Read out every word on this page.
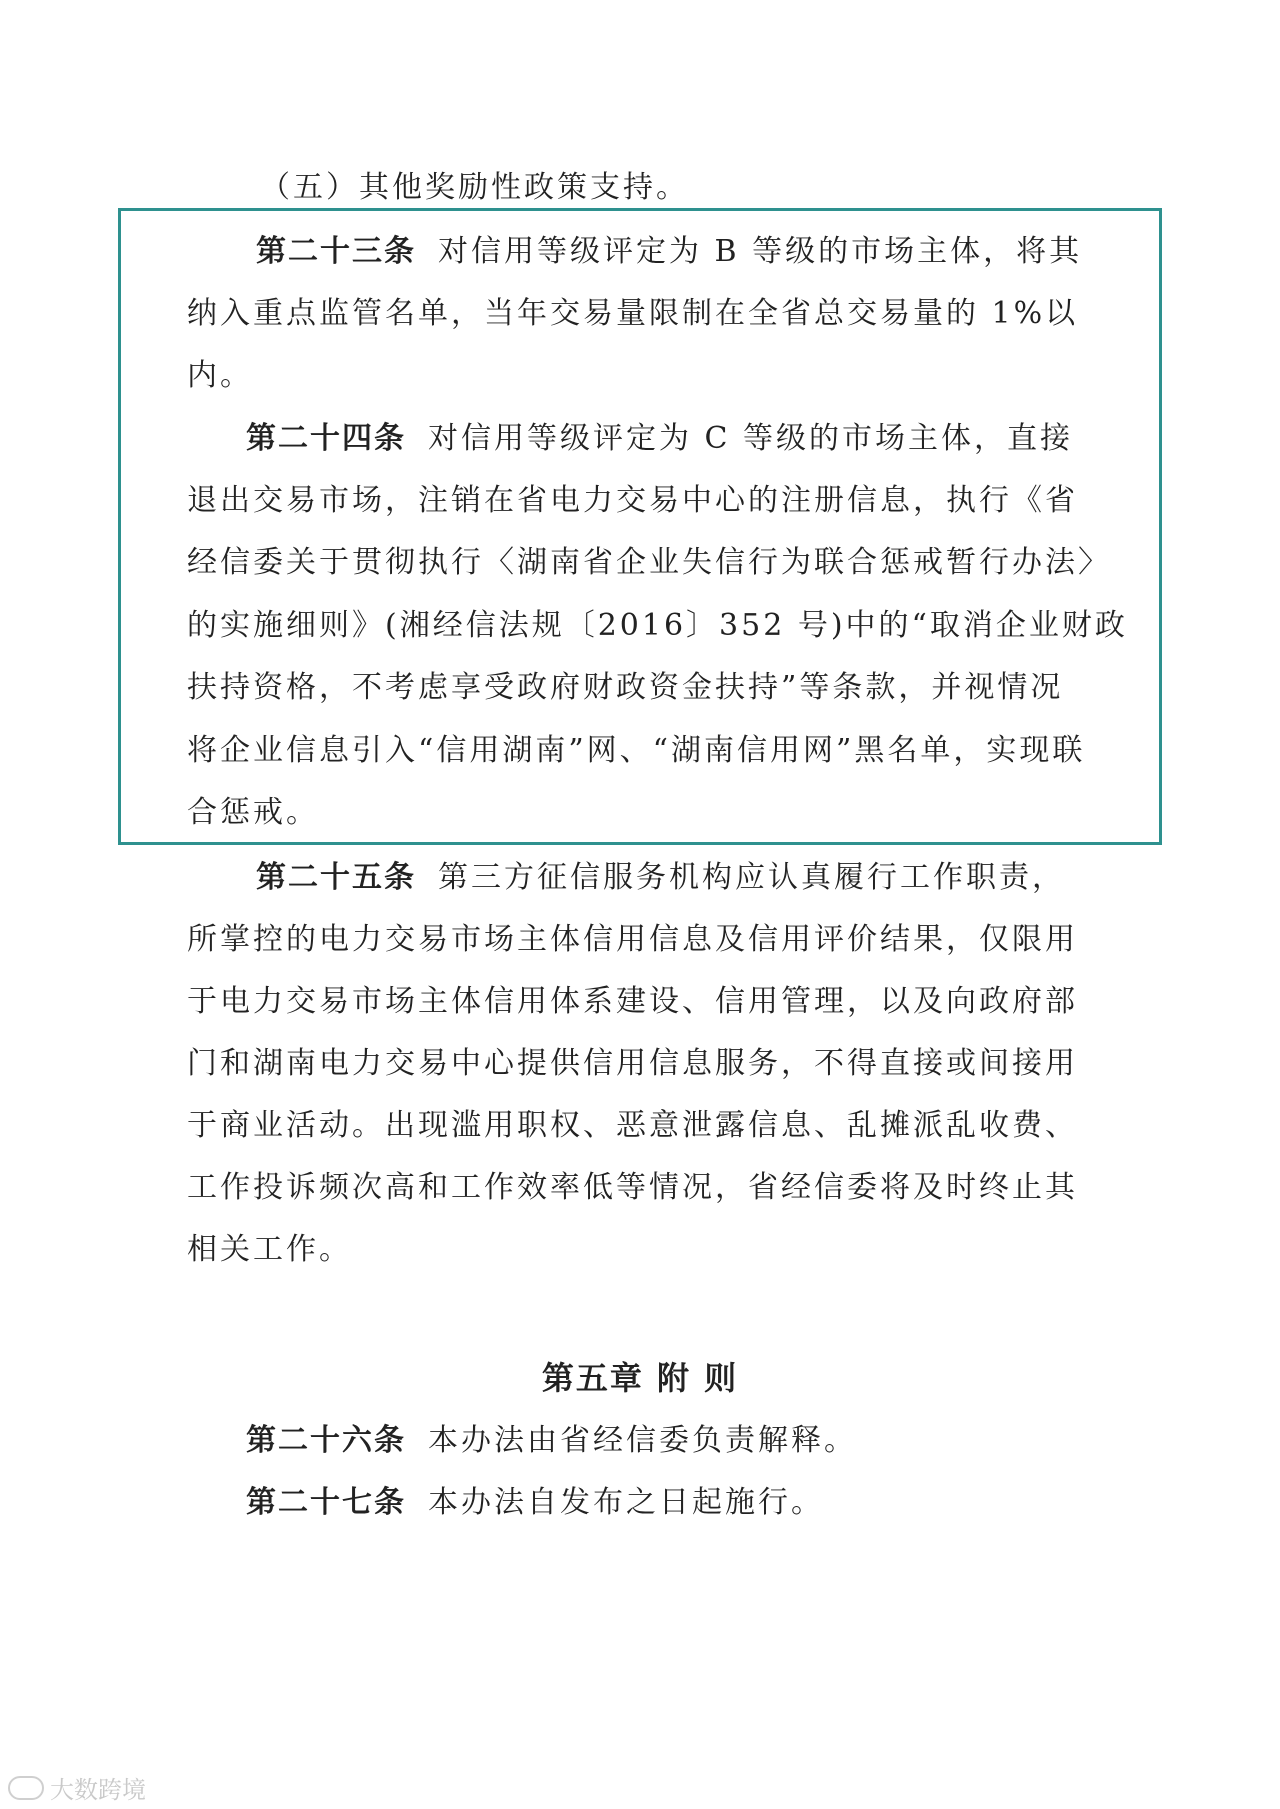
（五）其他奖励性政策支持。
第二十三条 对信用等级评定为 B 等级的市场主体，将其
纳入重点监管名单，当年交易量限制在全省总交易量的 1%以
内。
第二十四条 对信用等级评定为 C 等级的市场主体，直接
退出交易市场，注销在省电力交易中心的注册信息，执行《省
经信委关于贯彻执行〈湖南省企业失信行为联合惩戒暂行办法〉
的实施细则》(湘经信法规〔2016〕352 号)中的“取消企业财政
扶持资格，不考虑享受政府财政资金扶持”等条款，并视情况
将企业信息引入“信用湖南”网、“湖南信用网”黑名单，实现联
合惩戒。
第二十五条 第三方征信服务机构应认真履行工作职责，
所掌控的电力交易市场主体信用信息及信用评价结果，仅限用
于电力交易市场主体信用体系建设、信用管理，以及向政府部
门和湖南电力交易中心提供信用信息服务，不得直接或间接用
于商业活动。出现滥用职权、恶意泄露信息、乱摊派乱收费、
工作投诉频次高和工作效率低等情况，省经信委将及时终止其
相关工作。
第五章 附 则
第二十六条 本办法由省经信委负责解释。
第二十七条 本办法自发布之日起施行。
大数跨境
